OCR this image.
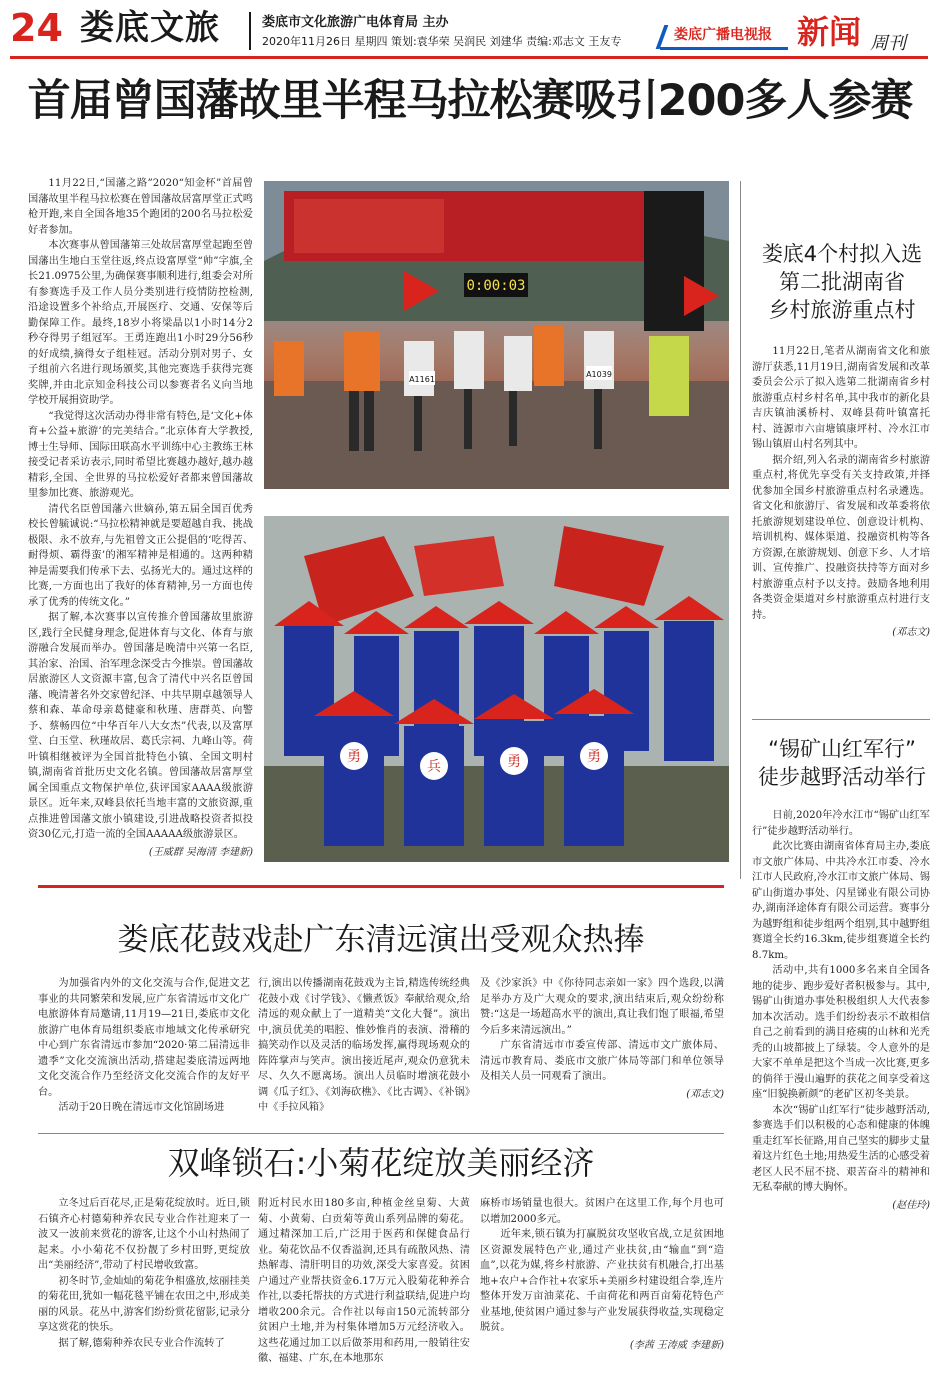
24 娄底文旅	娄底市文化旅游广电体育局 主办
2020年11月26日 星期四 策划:袁华荣 吴润民 刘建华 责编:邓志文 王友专	娄底广播电视报 新闻 周刊
首届曾国藩故里半程马拉松赛吸引200多人参赛

11月22日,“国藩之路”2020“知金杯”首届曾国藩故里半程马拉松赛在曾国藩故居富厚堂正式鸣枪开跑,来自全国各地35个跑团的200名马拉松爱好者参加。

本次赛事从曾国藩第三处故居富厚堂起跑至曾国藩出生地白玉堂往返,终点设富厚堂“帅”字旗,全长21.0975公里,为确保赛事顺利进行,组委会对所有参赛选手及工作人员分类别进行疫情防控检测,沿途设置多个补给点,开展医疗、交通、安保等后勤保障工作。最终,18岁小将梁晶以1小时14分2秒夺得男子组冠军。王勇连跑出1小时29分56秒的好成绩,摘得女子组桂冠。活动分别对男子、女子组前六名进行现场颁奖,其他完赛选手获得完赛奖牌,并由北京知金科技公司以参赛者名义向当地学校开展捐资助学。

“我觉得这次活动办得非常有特色,是‘文化+体育+公益+旅游’的完美结合。”北京体育大学教授,博士生导师、国际田联高水平训练中心主教练王林接受记者采访表示,同时希望比赛越办越好,越办越精彩,全国、全世界的马拉松爱好者都来曾国藩故里参加比赛、旅游观光。

清代名臣曾国藩六世嫡孙,第五届全国百优秀校长曾毓诚说:“马拉松精神就是要超越自我、挑战极限、永不放弃,与先祖曾文正公提倡的‘吃得苦、耐得烦、霸得蛮’的湘军精神是相通的。这两种精神是需要我们传承下去、弘扬光大的。通过这样的比赛,一方面也出了我好的体育精神,另一方面也传承了优秀的传统文化。”

据了解,本次赛事以宣传推介曾国藩故里旅游区,践行全民健身理念,促进体育与文化、体育与旅游融合发展而举办。曾国藩是晚清中兴第一名臣,其治家、治国、治军理念深受古今推崇。曾国藩故居旅游区人文资源丰富,包含了清代中兴名臣曾国藩、晚清著名外交家曾纪泽、中共早期卓越领导人蔡和森、革命母亲葛健豪和秋瑾、唐群英、向警予、蔡畅四位“中华百年八大女杰”代表,以及富厚堂、白玉堂、秋瑾故居、葛氏宗祠、九峰山等。荷叶镇相继被评为全国首批特色小镇、全国文明村镇,湖南省首批历史文化名镇。曾国藩故居富厚堂属全国重点文物保护单位,获评国家AAAA级旅游景区。近年来,双峰县依托当地丰富的文旅资源,重点推进曾国藩文旅小镇建设,引进战略投资者拟投资30亿元,打造一流的全国AAAAA级旅游景区。

(王威群 吴海清 李建新)
0:00:03
A1161
A1039
勇
兵	勇	勇
娄底4个村拟入选
第二批湖南省
乡村旅游重点村

11月22日,笔者从湖南省文化和旅游厅获悉,11月19日,湖南省发展和改革委员会公示了拟入选第二批湖南省乡村旅游重点村乡村名单,其中我市的新化县吉庆镇油溪桥村、双峰县荷叶镇富托村、涟源市六亩塘镇康坪村、冷水江市锡山镇眉山村名列其中。

据介绍,列入名录的湖南省乡村旅游重点村,将优先享受有关支持政策,并择优参加全国乡村旅游重点村名录遴选。省文化和旅游厅、省发展和改革委将依托旅游规划建设单位、创意设计机构、培训机构、媒体渠道、投融资机构等各方资源,在旅游规划、创意下乡、人才培训、宣传推广、投融资扶持等方面对乡村旅游重点村予以支持。鼓励各地利用各类资金渠道对乡村旅游重点村进行支持。

(邓志文)
“锡矿山红军行”
徒步越野活动举行

日前,2020年冷水江市“锡矿山红军行”徒步越野活动举行。

此次比赛由湖南省体育局主办,娄底市文旅广体局、中共冷水江市委、冷水江市人民政府,冷水江市文旅广体局、锡矿山街道办事处、闪星锑业有限公司协办,湖南泽途体育有限公司运营。赛事分为越野组和徒步组两个组别,其中越野组赛道全长约16.3km,徒步组赛道全长约8.7km。

活动中,共有1000多名来自全国各地的徒步、跑步爱好者积极参与。其中,锡矿山街道办事处积极组织人大代表参加本次活动。选手们纷纷表示不敢相信自己之前看到的满目疮痍的山林和光秃秃的山坡都披上了绿装。令人意外的是大家不单单是把这个当成一次比赛,更多的倘徉于漫山遍野的获花之间享受着这座“旧貌换新颜”的老矿区初冬美景。

本次“锡矿山红军行”徒步越野活动,参赛选手们以积极的心态和健康的体魄重走红军长征路,用自己坚实的脚步丈量着这片红色土地;用热爱生活的心感受着老区人民不屈不挠、艰苦奋斗的精神和无私奉献的博大胸怀。

(赵佳玲)
娄底花鼓戏赴广东清远演出受观众热捧

为加强省内外的文化交流与合作,促进文艺事业的共同繁荣和发展,应广东省清远市文化广电旅游体育局邀请,11月19—21日,娄底市文化旅游广电体育局组织娄底市地域文化传承研究中心到广东省清远市参加“2020·第二届清远非遗季”文化交流演出活动,搭建起娄底清远两地文化交流合作乃至经济文化交流合作的友好平台。

活动于20日晚在清远市文化馆剧场进

行,演出以传播湖南花鼓戏为主旨,精选传统经典花鼓小戏《讨学钱》、《懒煮饭》奉献给观众,给清远的观众献上了一道精美“文化大餐”。演出中,演员优美的唱腔、惟妙惟肖的表演、滑稽的搞笑动作以及灵活的临场发挥,赢得现场观众的阵阵掌声与笑声。演出接近尾声,观众仍意犹未尽、久久不愿离场。演出人员临时增演花鼓小调《瓜子红》、《刘海砍樵》、《比古调》、《补锅》中《手拉风箱》

及《沙家浜》中《你待同志亲如一家》四个选段,以满足举办方及广大观众的要求,演出结束后,观众纷纷称赞:“这是一场超高水平的演出,真让我们饱了眼福,希望今后多来清远演出。”

广东省清远市市委宣传部、清远市文广旅体局、清远市教育局、娄底市文旅广体局等部门和单位领导及相关人员一同观看了演出。

(邓志文)
双峰锁石:小菊花绽放美丽经济

立冬过后百花尽,正是菊花绽放时。近日,锁石镇齐心村德菊种养农民专业合作社迎来了一波又一波前来赏花的游客,让这个小山村热闹了起来。小小菊花不仅扮靓了乡村田野,更绽放出“美丽经济”,带动了村民增收致富。

初冬时节,金灿灿的菊花争相盛放,炫丽挂美的菊花田,犹如一幅花毯平铺在农田之中,形成美丽的风景。花丛中,游客们纷纷赏花留影,记录分享这赏花的快乐。

据了解,德菊种养农民专业合作流转了

附近村民水田180多亩,种植金丝皇菊、大黄菊、小黄菊、白贡菊等黄山系列品牌的菊花。通过精深加工后,广泛用于医药和保健食品行业。菊花饮品不仅香溢润,还具有疏散风热、清热解毒、清肝明目的功效,深受大家喜爱。贫困户通过产业帮扶资金6.17万元入股菊花种养合作社,以委托帮扶的方式进行利益联结,促进户均增收200余元。合作社以每亩150元流转部分贫困户土地,并为村集体增加5万元经济收入。这些花通过加工以后做茶用和药用,一般销往安徽、福建、广东,在本地那东

麻桥市场销量也很大。贫困户在这里工作,每个月也可以增加2000多元。

近年来,锁石镇为打赢脱贫攻坚收官战,立足贫困地区资源发展特色产业,通过产业扶贫,由“输血”到“造血”,以花为媒,将乡村旅游、产业扶贫有机融合,打出基地+农户+合作社+农家乐+美丽乡村建设组合拳,连片整体开发万亩油菜花、千亩荷花和两百亩菊花特色产业基地,使贫困户通过参与产业发展获得收益,实现稳定脱贫。

(李茜 王涛威 李建新)
